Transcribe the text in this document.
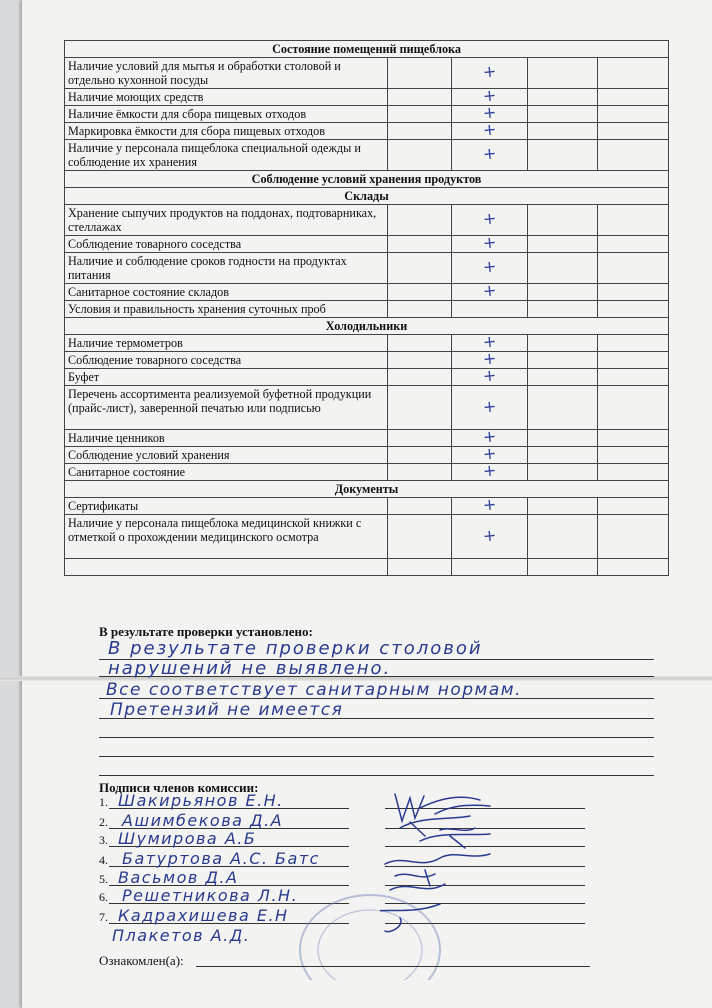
Состояние помещений пищеблока				
Наличие условий для мытья и обработки столовой и отдельно кухонной посуды		+		
Наличие моющих средств		+		
Наличие ёмкости для сбора пищевых отходов		+		
Маркировка ёмкости для сбора пищевых отходов		+		
Наличие у персонала пищеблока специальной одежды и соблюдение их хранения		+		
Соблюдение условий хранения продуктов				
Склады				
Хранение сыпучих продуктов на поддонах, подтоварниках, стеллажах		+		
Соблюдение товарного соседства		+		
Наличие и соблюдение сроков годности на продуктах питания		+		
Санитарное состояние складов		+		
Условия и правильность хранения суточных проб				
Холодильники				
Наличие термометров		+		
Соблюдение товарного соседства		+		
Буфет		+		
Перечень ассортимента реализуемой буфетной продукции (прайс-лист), заверенной печатью или подписью		+		
Наличие ценников		+		
Соблюдение условий хранения		+		
Санитарное состояние		+		
Документы				
Сертификаты		+		
Наличие у персонала пищеблока медицинской книжки с отметкой о прохождении медицинского осмотра		+		

В результате проверки установлено:
В результате проверки столовой
нарушений не выявлено.
Все соответствует санитарным нормам.
Претензий не имеется
Подписи членов комиссии:
1. Шакирьянов Е.Н.
2. Ашимбекова Д.А
3. Шумирова А.Б
4. Батуртова А.С. Батс
5. Васьмов Д.А
6. Решетникова Л.Н.
7. Кадрахишева Е.Н
Плакетов А.Д.
Ознакомлен(а):
